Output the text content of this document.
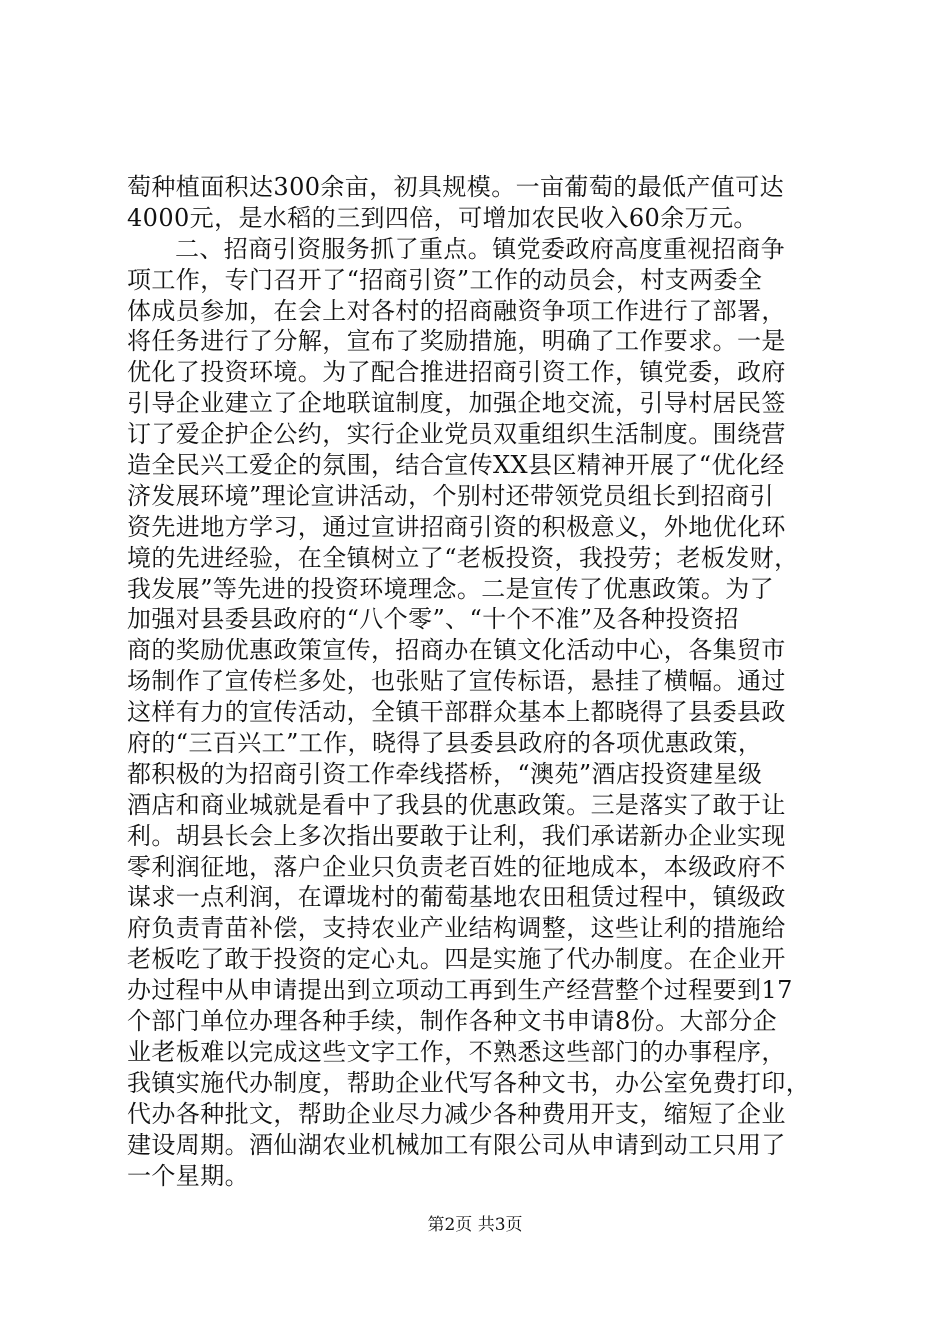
萄种植面积达300余亩，初具规模。一亩葡萄的最低产值可达
4000元，是水稻的三到四倍，可增加农民收入60余万元。
二、招商引资服务抓了重点。镇党委政府高度重视招商争
项工作，专门召开了“招商引资”工作的动员会，村支两委全
体成员参加，在会上对各村的招商融资争项工作进行了部署，
将任务进行了分解，宣布了奖励措施，明确了工作要求。一是
优化了投资环境。为了配合推进招商引资工作，镇党委，政府
引导企业建立了企地联谊制度，加强企地交流，引导村居民签
订了爱企护企公约，实行企业党员双重组织生活制度。围绕营
造全民兴工爱企的氛围，结合宣传XX县区精神开展了“优化经
济发展环境”理论宣讲活动，个别村还带领党员组长到招商引
资先进地方学习，通过宣讲招商引资的积极意义，外地优化环
境的先进经验，在全镇树立了“老板投资，我投劳；老板发财，
我发展”等先进的投资环境理念。二是宣传了优惠政策。为了
加强对县委县政府的“八个零”、“十个不准”及各种投资招
商的奖励优惠政策宣传，招商办在镇文化活动中心，各集贸市
场制作了宣传栏多处，也张贴了宣传标语，悬挂了横幅。通过
这样有力的宣传活动，全镇干部群众基本上都晓得了县委县政
府的“三百兴工”工作，晓得了县委县政府的各项优惠政策，
都积极的为招商引资工作牵线搭桥，“澳苑”酒店投资建星级
酒店和商业城就是看中了我县的优惠政策。三是落实了敢于让
利。胡县长会上多次指出要敢于让利，我们承诺新办企业实现
零利润征地，落户企业只负责老百姓的征地成本，本级政府不
谋求一点利润，在谭垅村的葡萄基地农田租赁过程中，镇级政
府负责青苗补偿，支持农业产业结构调整，这些让利的措施给
老板吃了敢于投资的定心丸。四是实施了代办制度。在企业开
办过程中从申请提出到立项动工再到生产经营整个过程要到17
个部门单位办理各种手续，制作各种文书申请8份。大部分企
业老板难以完成这些文字工作，不熟悉这些部门的办事程序，
我镇实施代办制度，帮助企业代写各种文书，办公室免费打印，
代办各种批文，帮助企业尽力减少各种费用开支，缩短了企业
建设周期。酒仙湖农业机械加工有限公司从申请到动工只用了
一个星期。
第2页 共3页
